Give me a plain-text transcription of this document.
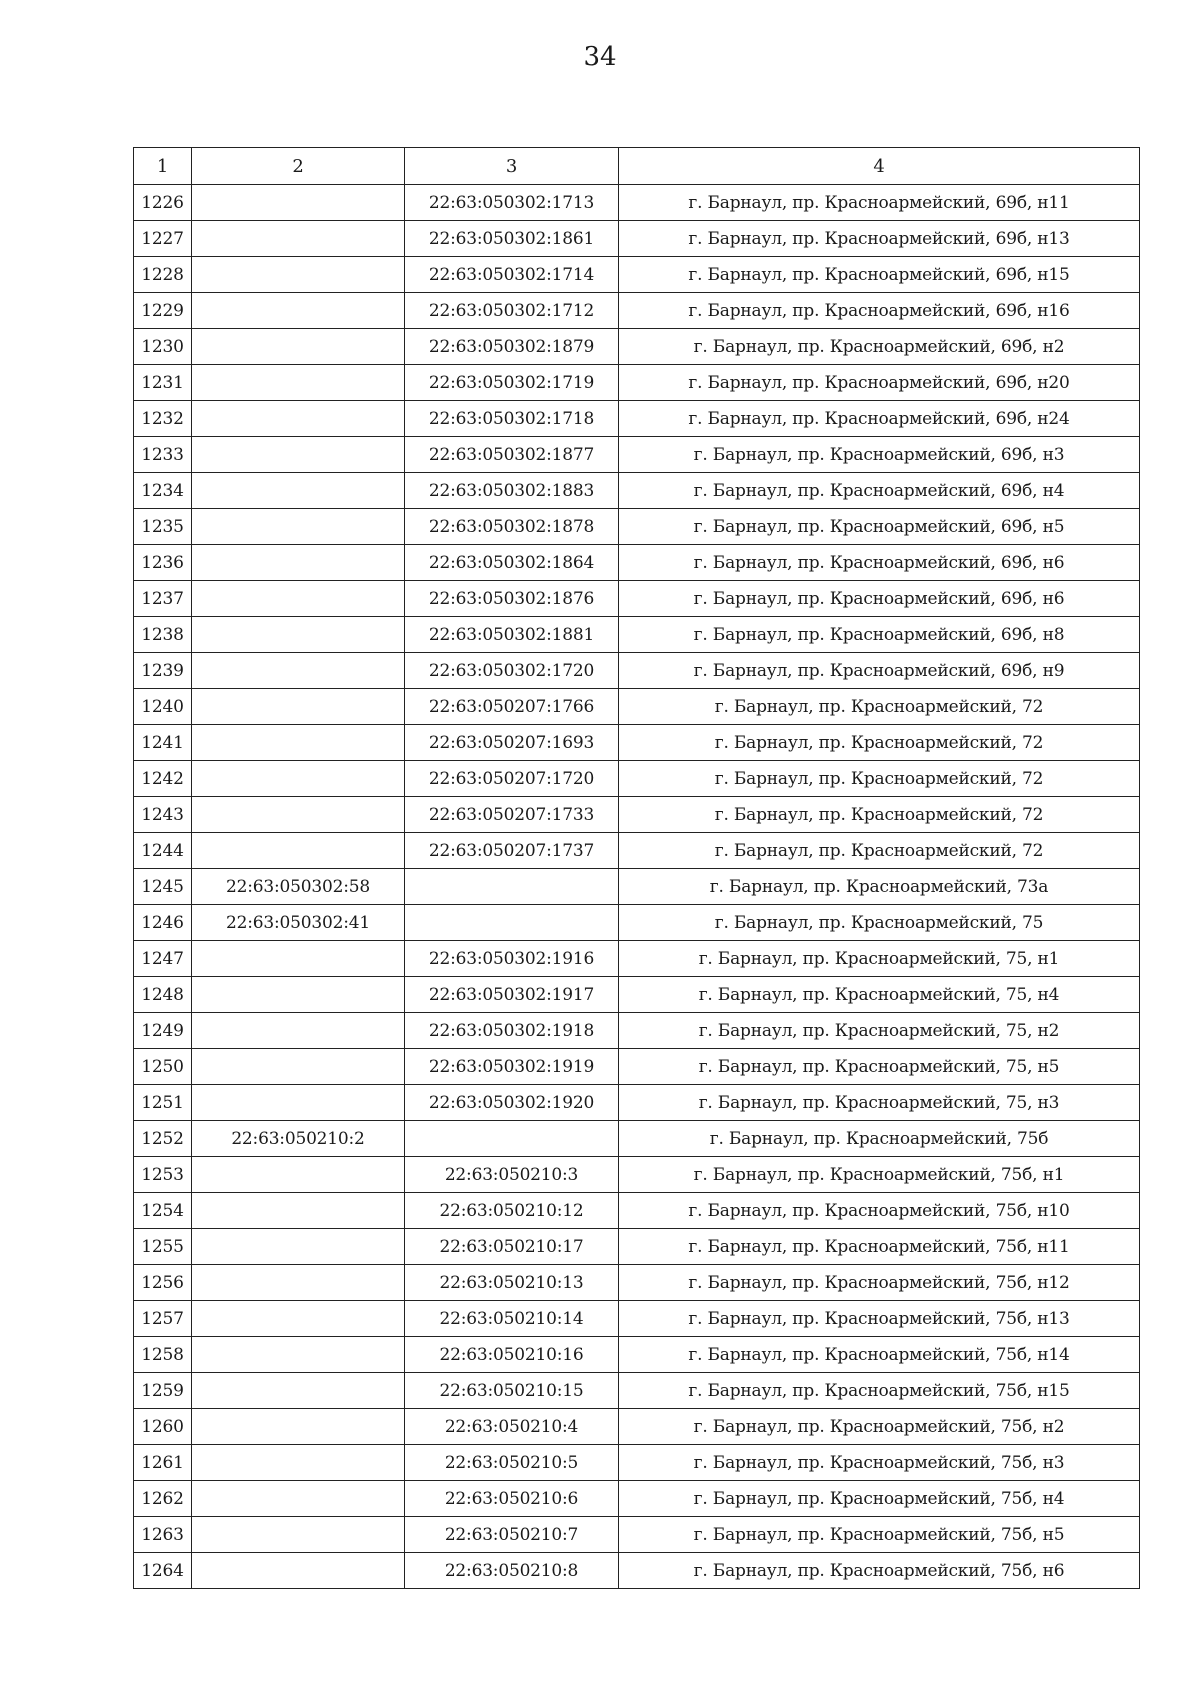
34
1	2	3	4
1226		22:63:050302:1713	г. Барнаул, пр. Красноармейский, 69б, н11
1227		22:63:050302:1861	г. Барнаул, пр. Красноармейский, 69б, н13
1228		22:63:050302:1714	г. Барнаул, пр. Красноармейский, 69б, н15
1229		22:63:050302:1712	г. Барнаул, пр. Красноармейский, 69б, н16
1230		22:63:050302:1879	г. Барнаул, пр. Красноармейский, 69б, н2
1231		22:63:050302:1719	г. Барнаул, пр. Красноармейский, 69б, н20
1232		22:63:050302:1718	г. Барнаул, пр. Красноармейский, 69б, н24
1233		22:63:050302:1877	г. Барнаул, пр. Красноармейский, 69б, н3
1234		22:63:050302:1883	г. Барнаул, пр. Красноармейский, 69б, н4
1235		22:63:050302:1878	г. Барнаул, пр. Красноармейский, 69б, н5
1236		22:63:050302:1864	г. Барнаул, пр. Красноармейский, 69б, н6
1237		22:63:050302:1876	г. Барнаул, пр. Красноармейский, 69б, н6
1238		22:63:050302:1881	г. Барнаул, пр. Красноармейский, 69б, н8
1239		22:63:050302:1720	г. Барнаул, пр. Красноармейский, 69б, н9
1240		22:63:050207:1766	г. Барнаул, пр. Красноармейский, 72
1241		22:63:050207:1693	г. Барнаул, пр. Красноармейский, 72
1242		22:63:050207:1720	г. Барнаул, пр. Красноармейский, 72
1243		22:63:050207:1733	г. Барнаул, пр. Красноармейский, 72
1244		22:63:050207:1737	г. Барнаул, пр. Красноармейский, 72
1245	22:63:050302:58		г. Барнаул, пр. Красноармейский, 73а
1246	22:63:050302:41		г. Барнаул, пр. Красноармейский, 75
1247		22:63:050302:1916	г. Барнаул, пр. Красноармейский, 75, н1
1248		22:63:050302:1917	г. Барнаул, пр. Красноармейский, 75, н4
1249		22:63:050302:1918	г. Барнаул, пр. Красноармейский, 75, н2
1250		22:63:050302:1919	г. Барнаул, пр. Красноармейский, 75, н5
1251		22:63:050302:1920	г. Барнаул, пр. Красноармейский, 75, н3
1252	22:63:050210:2		г. Барнаул, пр. Красноармейский, 75б
1253		22:63:050210:3	г. Барнаул, пр. Красноармейский, 75б, н1
1254		22:63:050210:12	г. Барнаул, пр. Красноармейский, 75б, н10
1255		22:63:050210:17	г. Барнаул, пр. Красноармейский, 75б, н11
1256		22:63:050210:13	г. Барнаул, пр. Красноармейский, 75б, н12
1257		22:63:050210:14	г. Барнаул, пр. Красноармейский, 75б, н13
1258		22:63:050210:16	г. Барнаул, пр. Красноармейский, 75б, н14
1259		22:63:050210:15	г. Барнаул, пр. Красноармейский, 75б, н15
1260		22:63:050210:4	г. Барнаул, пр. Красноармейский, 75б, н2
1261		22:63:050210:5	г. Барнаул, пр. Красноармейский, 75б, н3
1262		22:63:050210:6	г. Барнаул, пр. Красноармейский, 75б, н4
1263		22:63:050210:7	г. Барнаул, пр. Красноармейский, 75б, н5
1264		22:63:050210:8	г. Барнаул, пр. Красноармейский, 75б, н6
